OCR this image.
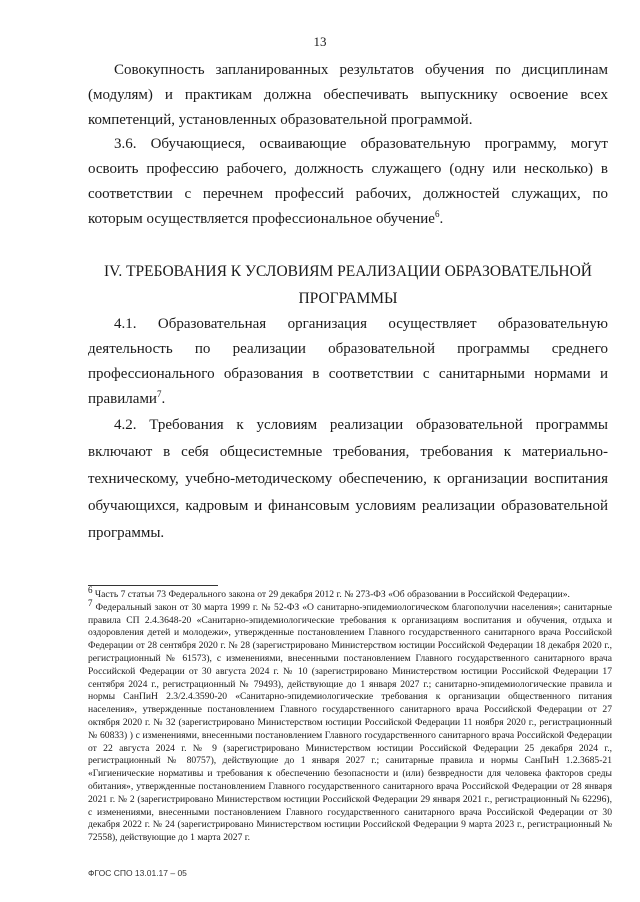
13

Совокупность запланированных результатов обучения по дисциплинам (модулям) и практикам должна обеспечивать выпускнику освоение всех компетенций, установленных образовательной программой.

3.6. Обучающиеся, осваивающие образовательную программу, могут освоить профессию рабочего, должность служащего (одну или несколько) в соответствии с перечнем профессий рабочих, должностей служащих, по которым осуществляется профессиональное обучение$^6$.

IV. ТРЕБОВАНИЯ К УСЛОВИЯМ РЕАЛИЗАЦИИ ОБРАЗОВАТЕЛЬНОЙ
ПРОГРАММЫ

4.1. Образовательная организация осуществляет образовательную деятельность по реализации образовательной программы среднего профессионального образования в соответствии с санитарными нормами и правилами$^7$.

4.2. Требования к условиям реализации образовательной программы включают в себя общесистемные требования, требования к материально-техническому, учебно-методическому обеспечению, к организации воспитания обучающихся, кадровым и финансовым условиям реализации образовательной программы.

$^6$ Часть 7 статьи 73 Федерального закона от 29 декабря 2012 г. № 273-ФЗ «Об образовании в Российской Федерации».

$^7$ Федеральный закон от 30 марта 1999 г. № 52-ФЗ «О санитарно-эпидемиологическом благополучии населения»; санитарные правила СП 2.4.3648-20 «Санитарно-эпидемиологические требования к организациям воспитания и обучения, отдыха и оздоровления детей и молодежи», утвержденные постановлением Главного государственного санитарного врача Российской Федерации от 28 сентября 2020 г. № 28 (зарегистрировано Министерством юстиции Российской Федерации 18 декабря 2020 г., регистрационный № 61573), с изменениями, внесенными постановлением Главного государственного санитарного врача Российской Федерации от 30 августа 2024 г. № 10 (зарегистрировано Министерством юстиции Российской Федерации 17 сентября 2024 г., регистрационный № 79493), действующие до 1 января 2027 г.; санитарно-эпидемиологические правила и нормы СанПиН 2.3/2.4.3590-20 «Санитарно-эпидемиологические требования к организации общественного питания населения», утвержденные постановлением Главного государственного санитарного врача Российской Федерации от 27 октября 2020 г. № 32 (зарегистрировано Министерством юстиции Российской Федерации 11 ноября 2020 г., регистрационный № 60833) ) с изменениями, внесенными постановлением Главного государственного санитарного врача Российской Федерации от 22 августа 2024 г. № 9 (зарегистрировано Министерством юстиции Российской Федерации 25 декабря 2024 г., регистрационный № 80757), действующие до 1 января 2027 г.; санитарные правила и нормы СанПиН 1.2.3685-21 «Гигиенические нормативы и требования к обеспечению безопасности и (или) безвредности для человека факторов среды обитания», утвержденные постановлением Главного государственного санитарного врача Российской Федерации от 28 января 2021 г. № 2 (зарегистрировано Министерством юстиции Российской Федерации 29 января 2021 г., регистрационный № 62296), с изменениями, внесенными постановлением Главного государственного санитарного врача Российской Федерации от 30 декабря 2022 г. № 24 (зарегистрировано Министерством юстиции Российской Федерации 9 марта 2023 г., регистрационный № 72558), действующие до 1 марта 2027 г.

ФГОС СПО 13.01.17 – 05
